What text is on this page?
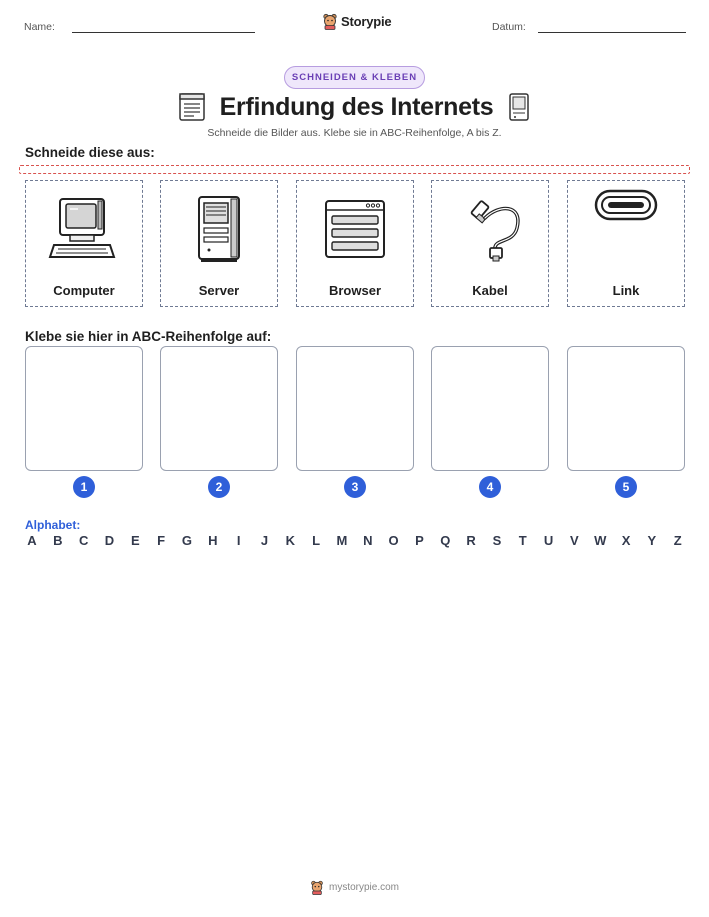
Name:	Storypie	Datum:
SCHNEIDEN & KLEBEN
Erfindung des Internets
Schneide die Bilder aus. Klebe sie in ABC-Reihenfolge, A bis Z.
Schneide diese aus:
Computer	Server	Browser	Kabel	Link
Klebe sie hier in ABC-Reihenfolge auf:
1	2	3	4	5
Alphabet:
A B C D E F G H	I	J K L M N O P Q R S T U V W X Y Z
mystorypie.com
